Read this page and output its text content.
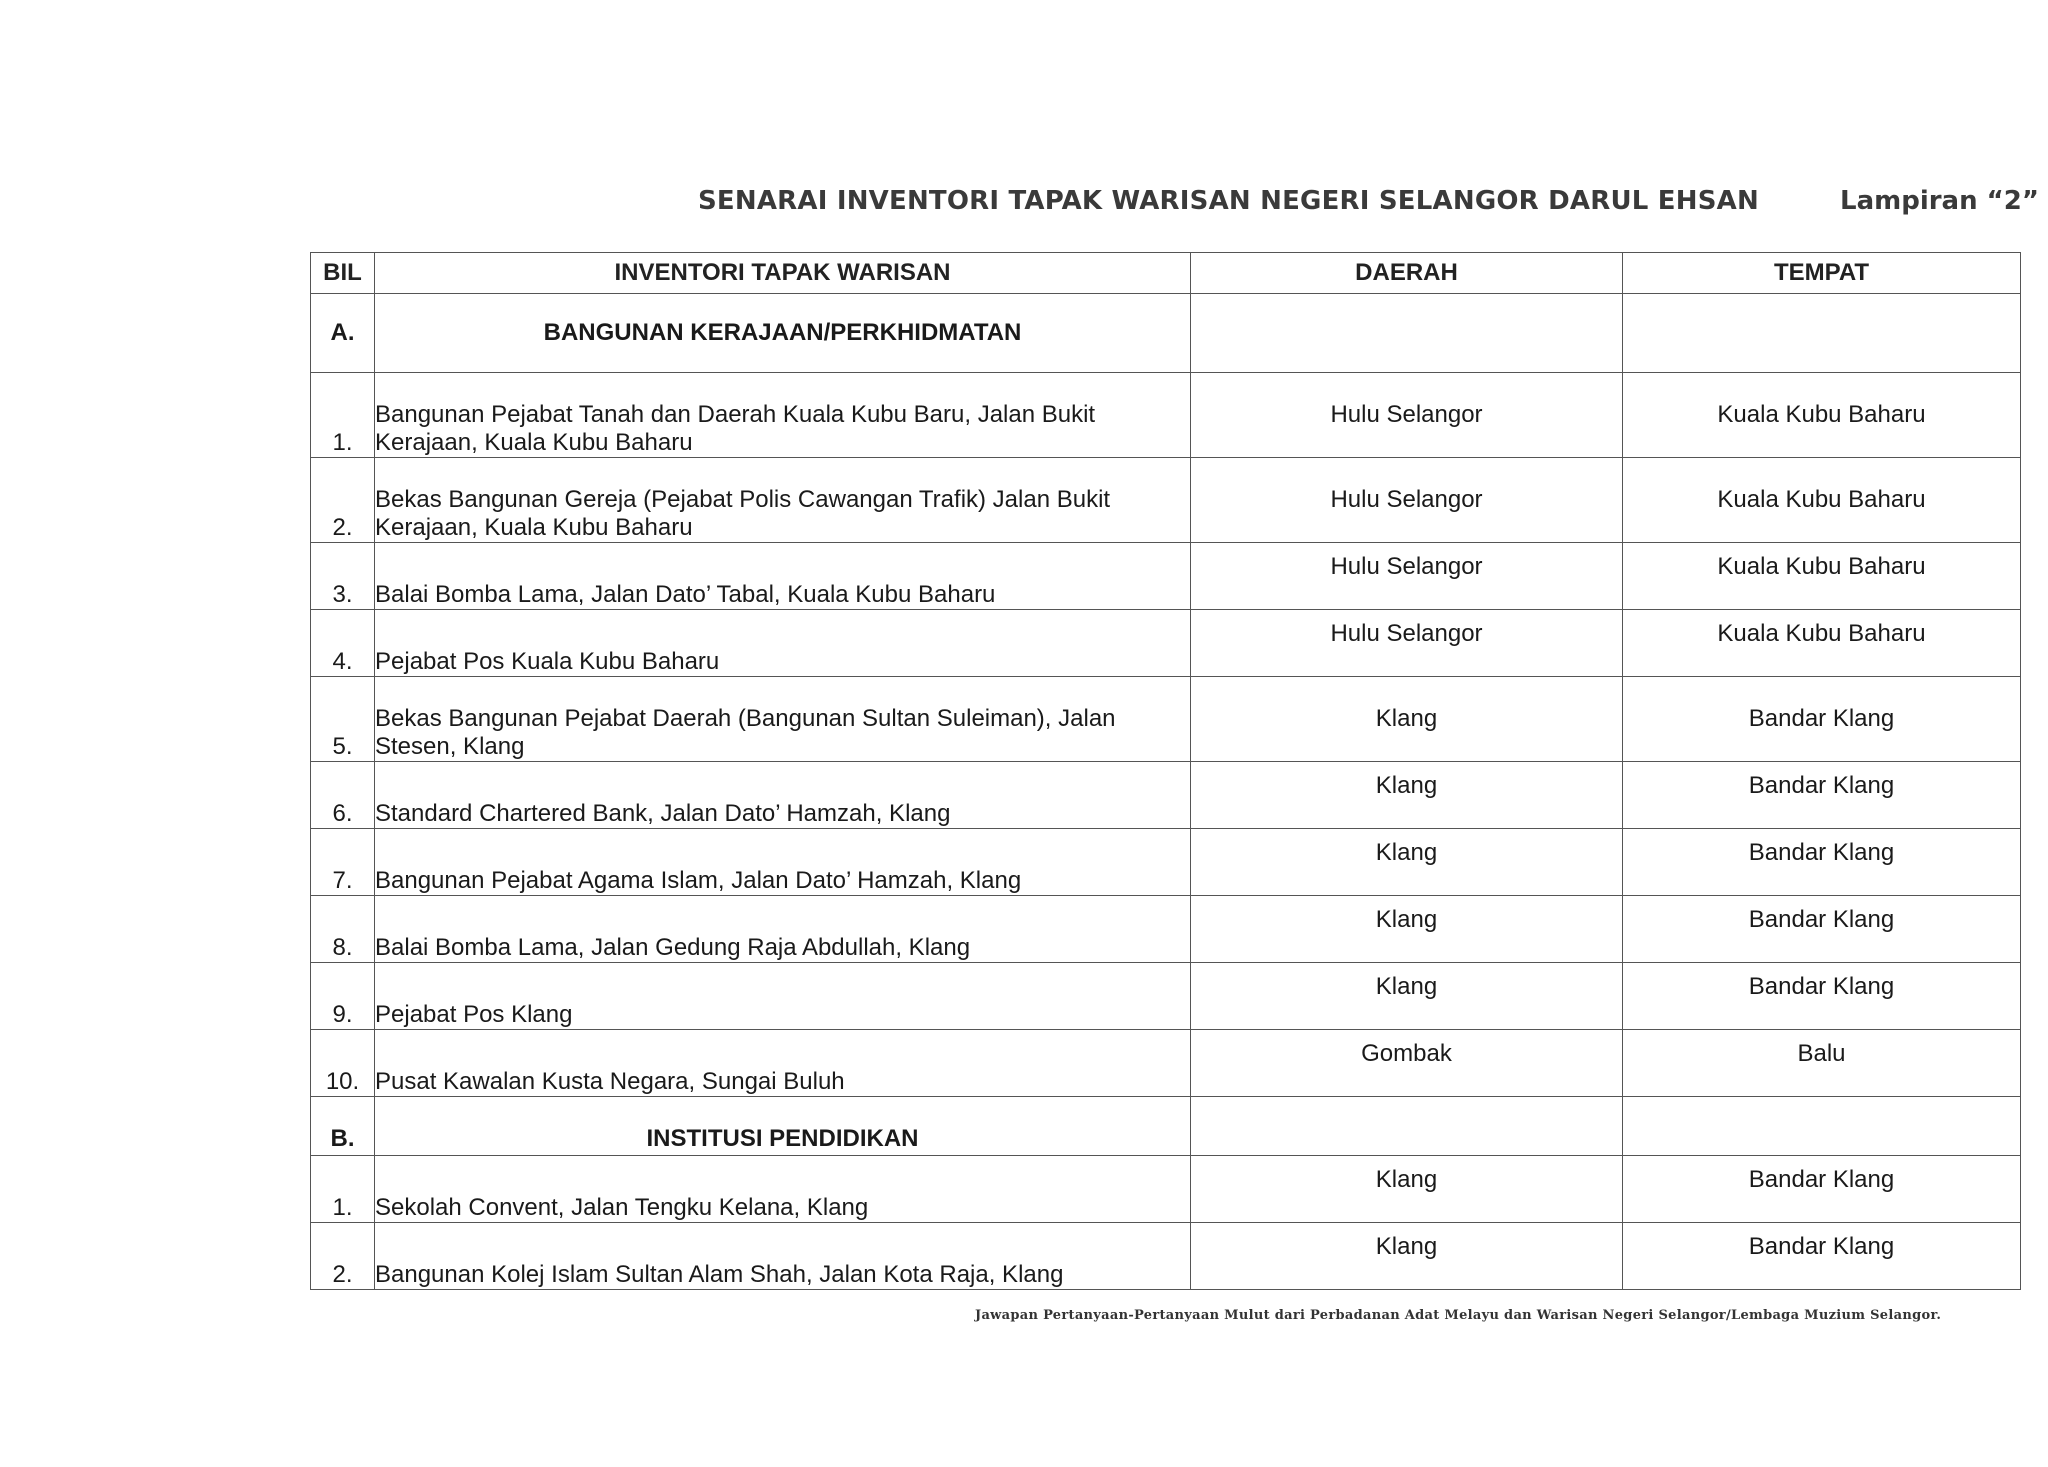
SENARAI INVENTORI TAPAK WARISAN NEGERI SELANGOR DARUL EHSAN	Lampiran “2”
BIL	INVENTORI TAPAK WARISAN	DAERAH	TEMPAT
A.	BANGUNAN KERAJAAN/PERKHIDMATAN		
1.	Bangunan Pejabat Tanah dan Daerah Kuala Kubu Baru, Jalan Bukit Kerajaan, Kuala Kubu Baharu	Hulu Selangor	Kuala Kubu Baharu
2.	Bekas Bangunan Gereja (Pejabat Polis Cawangan Trafik) Jalan Bukit Kerajaan, Kuala Kubu Baharu	Hulu Selangor	Kuala Kubu Baharu
3.	Balai Bomba Lama, Jalan Dato’ Tabal, Kuala Kubu Baharu	Hulu Selangor	Kuala Kubu Baharu
4.	Pejabat Pos Kuala Kubu Baharu	Hulu Selangor	Kuala Kubu Baharu
5.	Bekas Bangunan Pejabat Daerah (Bangunan Sultan Suleiman), Jalan Stesen, Klang	Klang	Bandar Klang
6.	Standard Chartered Bank, Jalan Dato’ Hamzah, Klang	Klang	Bandar Klang
7.	Bangunan Pejabat Agama Islam, Jalan Dato’ Hamzah, Klang	Klang	Bandar Klang
8.	Balai Bomba Lama, Jalan Gedung Raja Abdullah, Klang	Klang	Bandar Klang
9.	Pejabat Pos Klang	Klang	Bandar Klang
10.	Pusat Kawalan Kusta Negara, Sungai Buluh	Gombak	Balu
B.	INSTITUSI PENDIDIKAN		
1.	Sekolah Convent, Jalan Tengku Kelana, Klang	Klang	Bandar Klang
2.	Bangunan Kolej Islam Sultan Alam Shah, Jalan Kota Raja, Klang	Klang	Bandar Klang
Jawapan Pertanyaan-Pertanyaan Mulut dari Perbadanan Adat Melayu dan Warisan Negeri Selangor/Lembaga Muzium Selangor.
